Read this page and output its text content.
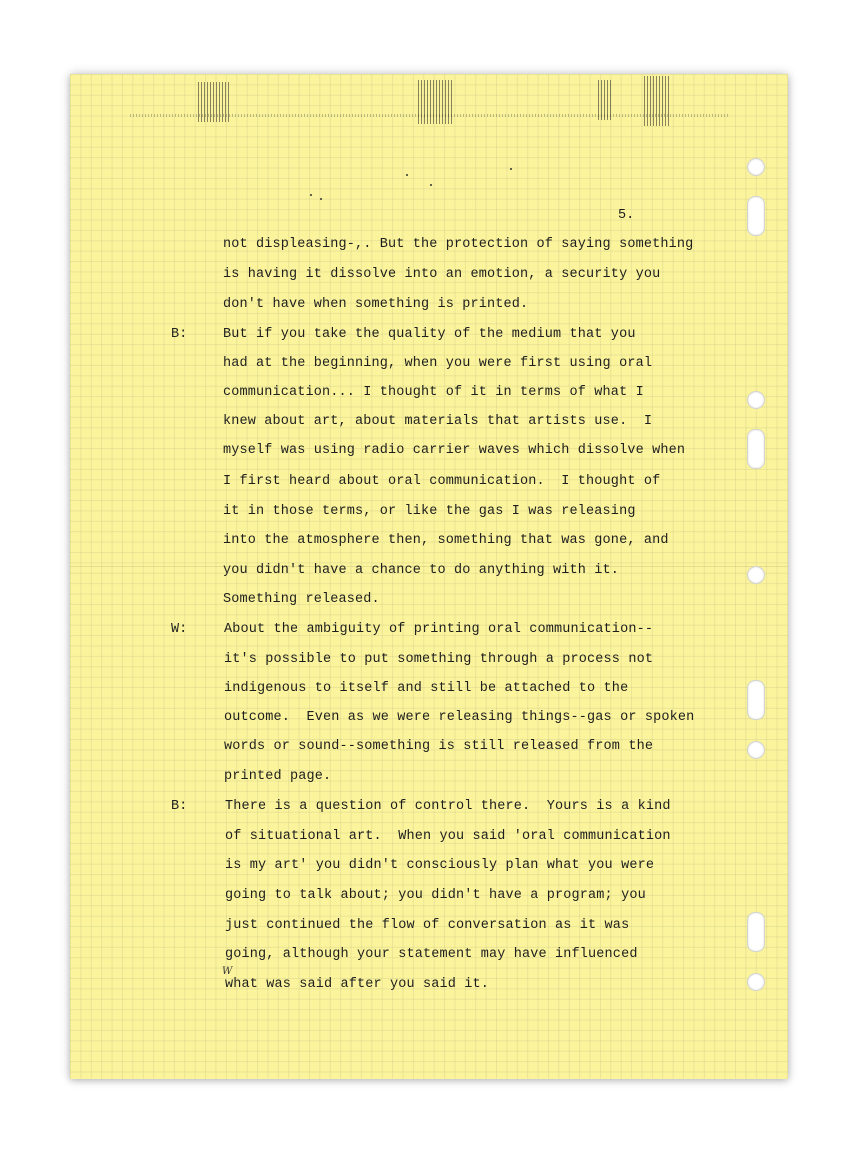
5.
not displeasing-,. But the protection of saying something
is having it dissolve into an emotion, a security you
don't have when something is printed.
B:	But if you take the quality of the medium that you
had at the beginning, when you were first using oral
communication... I thought of it in terms of what I
knew about art, about materials that artists use.  I
myself was using radio carrier waves which dissolve when
I first heard about oral communication.  I thought of
it in those terms, or like the gas I was releasing
into the atmosphere then, something that was gone, and
you didn't have a chance to do anything with it.
Something released.
W:	About the ambiguity of printing oral communication--
it's possible to put something through a process not
indigenous to itself and still be attached to the
outcome.  Even as we were releasing things--gas or spoken
words or sound--something is still released from the
printed page.
B:	There is a question of control there.  Yours is a kind
of situational art.  When you said 'oral communication
is my art' you didn't consciously plan what you were
going to talk about; you didn't have a program; you
just continued the flow of conversation as it was
going, although your statement may have influenced
what was said after you said it.
W
